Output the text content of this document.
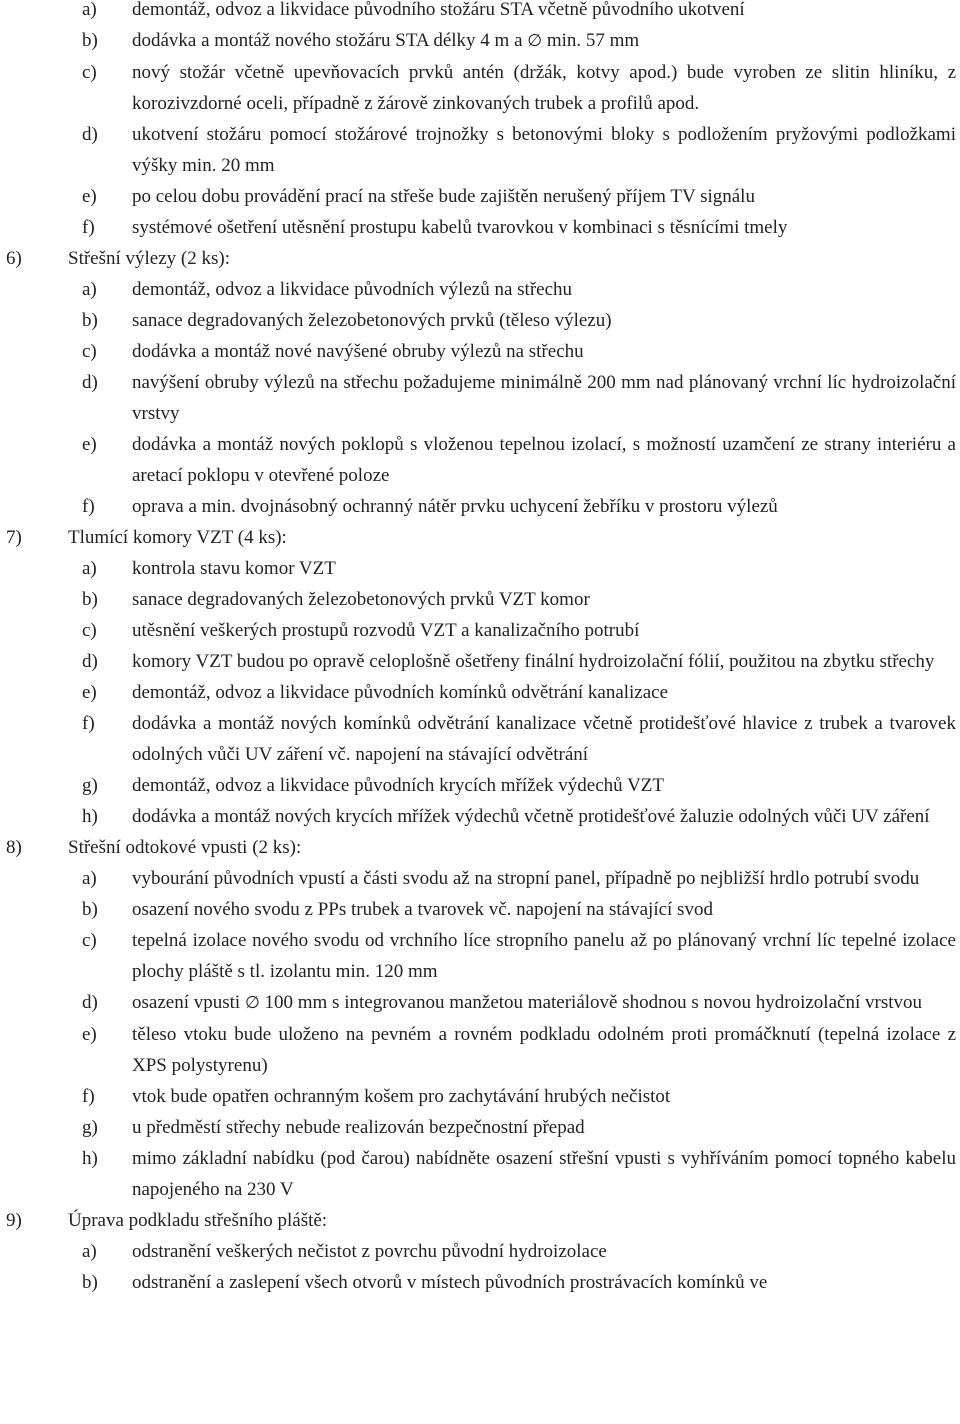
a)	demontáž, odvoz a likvidace původního stožáru STA včetně původního ukotvení
b)	dodávka a montáž nového stožáru STA délky 4 m a ∅ min. 57 mm
c)	nový stožár včetně upevňovacích prvků antén (držák, kotvy apod.) bude vyroben ze slitin hliníku, z korozivzdorné oceli, případně z žárově zinkovaných trubek a profilů apod.
d)	ukotvení stožáru pomocí stožárové trojnožky s betonovými bloky s podložením pryžovými podložkami výšky min. 20 mm
e)	po celou dobu provádění prací na střeše bude zajištěn nerušený příjem TV signálu
f)	systémové ošetření utěsnění prostupu kabelů tvarovkou v kombinaci s těsnícími tmely
6)	Střešní výlezy (2 ks):
a)	demontáž, odvoz a likvidace původních výlezů na střechu
b)	sanace degradovaných železobetonových prvků (těleso výlezu)
c)	dodávka a montáž nové navýšené obruby výlezů na střechu
d)	navýšení obruby výlezů na střechu požadujeme minimálně 200 mm nad plánovaný vrchní líc hydroizolační vrstvy
e)	dodávka a montáž nových poklopů s vloženou tepelnou izolací, s možností uzamčení ze strany interiéru a aretací poklopu v otevřené poloze
f)	oprava a min. dvojnásobný ochranný nátěr prvku uchycení žebříku v prostoru výlezů
7)	Tlumící komory VZT (4 ks):
a)	kontrola stavu komor VZT
b)	sanace degradovaných železobetonových prvků VZT komor
c)	utěsnění veškerých prostupů rozvodů VZT a kanalizačního potrubí
d)	komory VZT budou po opravě celoplošně ošetřeny finální hydroizolační fólií, použitou na zbytku střechy
e)	demontáž, odvoz a likvidace původních komínků odvětrání kanalizace
f)	dodávka a montáž nových komínků odvětrání kanalizace včetně protidešťové hlavice z trubek a tvarovek odolných vůči UV záření vč. napojení na stávající odvětrání
g)	demontáž, odvoz a likvidace původních krycích mřížek výdechů VZT
h)	dodávka a montáž nových krycích mřížek výdechů včetně protidešťové žaluzie odolných vůči UV záření
8)	Střešní odtokové vpusti (2 ks):
a)	vybourání původních vpustí a části svodu až na stropní panel, případně po nejbližší hrdlo potrubí svodu
b)	osazení nového svodu z PPs trubek a tvarovek vč. napojení na stávající svod
c)	tepelná izolace nového svodu od vrchního líce stropního panelu až po plánovaný vrchní líc tepelné izolace plochy pláště s tl. izolantu min. 120 mm
d)	osazení vpusti ∅ 100 mm s integrovanou manžetou materiálově shodnou s novou hydroizolační vrstvou
e)	těleso vtoku bude uloženo na pevném a rovném podkladu odolném proti promáčknutí (tepelná izolace z XPS polystyrenu)
f)	vtok bude opatřen ochranným košem pro zachytávání hrubých nečistot
g)	u předměstí střechy nebude realizován bezpečnostní přepad
h)	mimo základní nabídku (pod čarou) nabídněte osazení střešní vpusti s vyhříváním pomocí topného kabelu napojeného na 230 V
9)	Úprava podkladu střešního pláště:
a)	odstranění veškerých nečistot z povrchu původní hydroizolace
b)	odstranění a zaslepení všech otvorů v místech původních prostrávacích komínků ve
